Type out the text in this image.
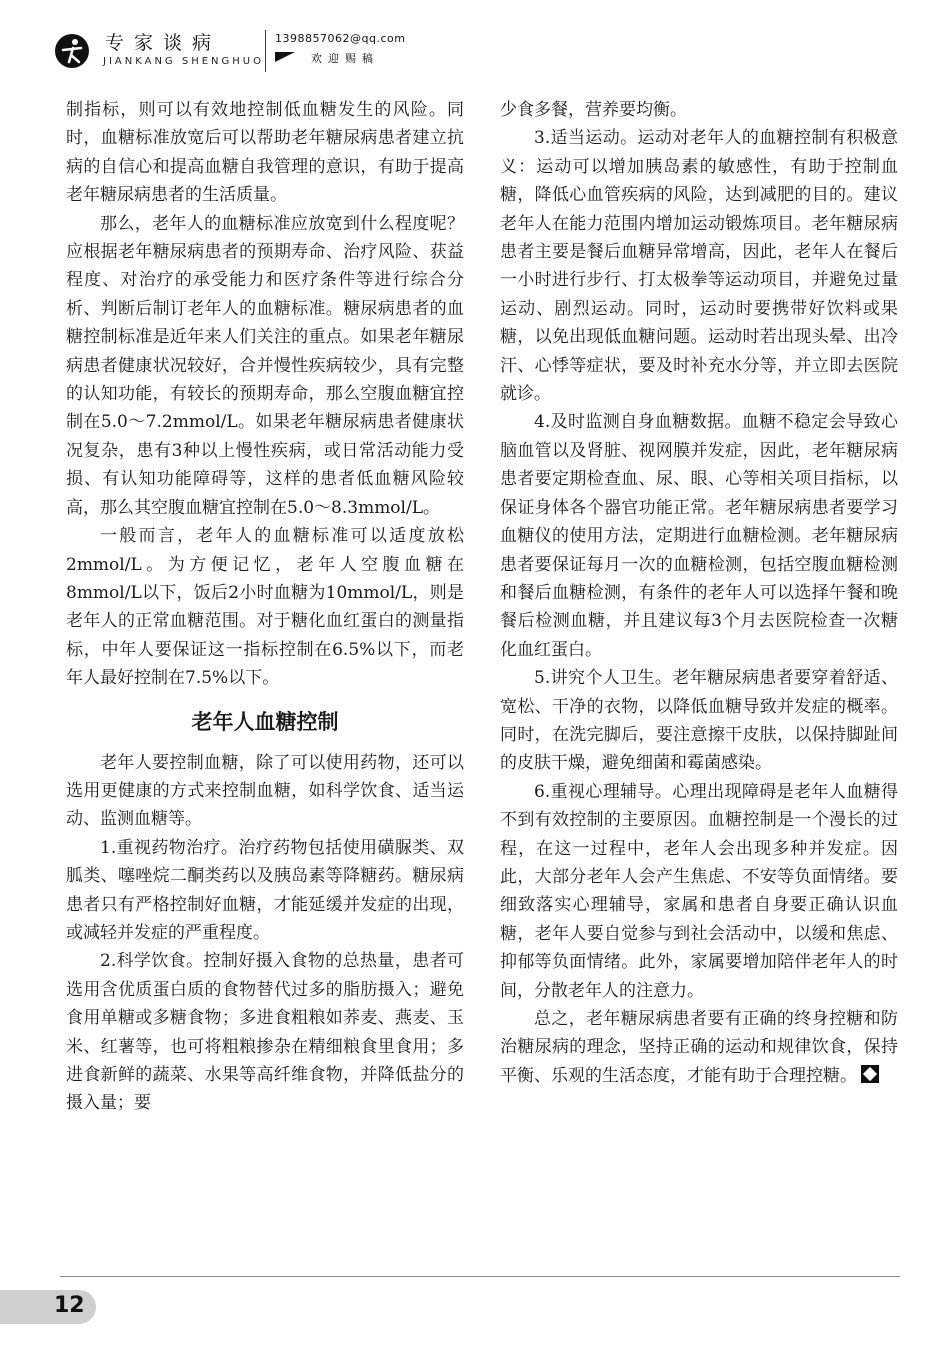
专家谈病
JIANKANG SHENGHUO
1398857062@qq.com
欢迎赐稿

制指标，则可以有效地控制低血糖发生的风险。同时，血糖标准放宽后可以帮助老年糖尿病患者建立抗病的自信心和提高血糖自我管理的意识，有助于提高老年糖尿病患者的生活质量。

那么，老年人的血糖标准应放宽到什么程度呢？应根据老年糖尿病患者的预期寿命、治疗风险、获益程度、对治疗的承受能力和医疗条件等进行综合分析、判断后制订老年人的血糖标准。糖尿病患者的血糖控制标准是近年来人们关注的重点。如果老年糖尿病患者健康状况较好，合并慢性疾病较少，具有完整的认知功能，有较长的预期寿命，那么空腹血糖宜控制在5.0～7.2mmol/L。如果老年糖尿病患者健康状况复杂，患有3种以上慢性疾病，或日常活动能力受损、有认知功能障碍等，这样的患者低血糖风险较高，那么其空腹血糖宜控制在5.0～8.3mmol/L。

一般而言，老年人的血糖标准可以适度放松2mmol/L。为方便记忆，老年人空腹血糖在8mmol/L以下，饭后2小时血糖为10mmol/L，则是老年人的正常血糖范围。对于糖化血红蛋白的测量指标，中年人要保证这一指标控制在6.5%以下，而老年人最好控制在7.5%以下。

老年人血糖控制

老年人要控制血糖，除了可以使用药物，还可以选用更健康的方式来控制血糖，如科学饮食、适当运动、监测血糖等。

1.重视药物治疗。治疗药物包括使用磺脲类、双胍类、噻唑烷二酮类药以及胰岛素等降糖药。糖尿病患者只有严格控制好血糖，才能延缓并发症的出现，或减轻并发症的严重程度。

2.科学饮食。控制好摄入食物的总热量，患者可选用含优质蛋白质的食物替代过多的脂肪摄入；避免食用单糖或多糖食物；多进食粗粮如荞麦、燕麦、玉米、红薯等，也可将粗粮掺杂在精细粮食里食用；多进食新鲜的蔬菜、水果等高纤维食物，并降低盐分的摄入量；要

少食多餐，营养要均衡。

3.适当运动。运动对老年人的血糖控制有积极意义：运动可以增加胰岛素的敏感性，有助于控制血糖，降低心血管疾病的风险，达到减肥的目的。建议老年人在能力范围内增加运动锻炼项目。老年糖尿病患者主要是餐后血糖异常增高，因此，老年人在餐后一小时进行步行、打太极拳等运动项目，并避免过量运动、剧烈运动。同时，运动时要携带好饮料或果糖，以免出现低血糖问题。运动时若出现头晕、出冷汗、心悸等症状，要及时补充水分等，并立即去医院就诊。

4.及时监测自身血糖数据。血糖不稳定会导致心脑血管以及肾脏、视网膜并发症，因此，老年糖尿病患者要定期检查血、尿、眼、心等相关项目指标，以保证身体各个器官功能正常。老年糖尿病患者要学习血糖仪的使用方法，定期进行血糖检测。老年糖尿病患者要保证每月一次的血糖检测，包括空腹血糖检测和餐后血糖检测，有条件的老年人可以选择午餐和晚餐后检测血糖，并且建议每3个月去医院检查一次糖化血红蛋白。

5.讲究个人卫生。老年糖尿病患者要穿着舒适、宽松、干净的衣物，以降低血糖导致并发症的概率。同时，在洗完脚后，要注意擦干皮肤，以保持脚趾间的皮肤干燥，避免细菌和霉菌感染。

6.重视心理辅导。心理出现障碍是老年人血糖得不到有效控制的主要原因。血糖控制是一个漫长的过程，在这一过程中，老年人会出现多种并发症。因此，大部分老年人会产生焦虑、不安等负面情绪。要细致落实心理辅导，家属和患者自身要正确认识血糖，老年人要自觉参与到社会活动中，以缓和焦虑、抑郁等负面情绪。此外，家属要增加陪伴老年人的时间，分散老年人的注意力。

总之，老年糖尿病患者要有正确的终身控糖和防治糖尿病的理念，坚持正确的运动和规律饮食，保持平衡、乐观的生活态度，才能有助于合理控糖。

12
